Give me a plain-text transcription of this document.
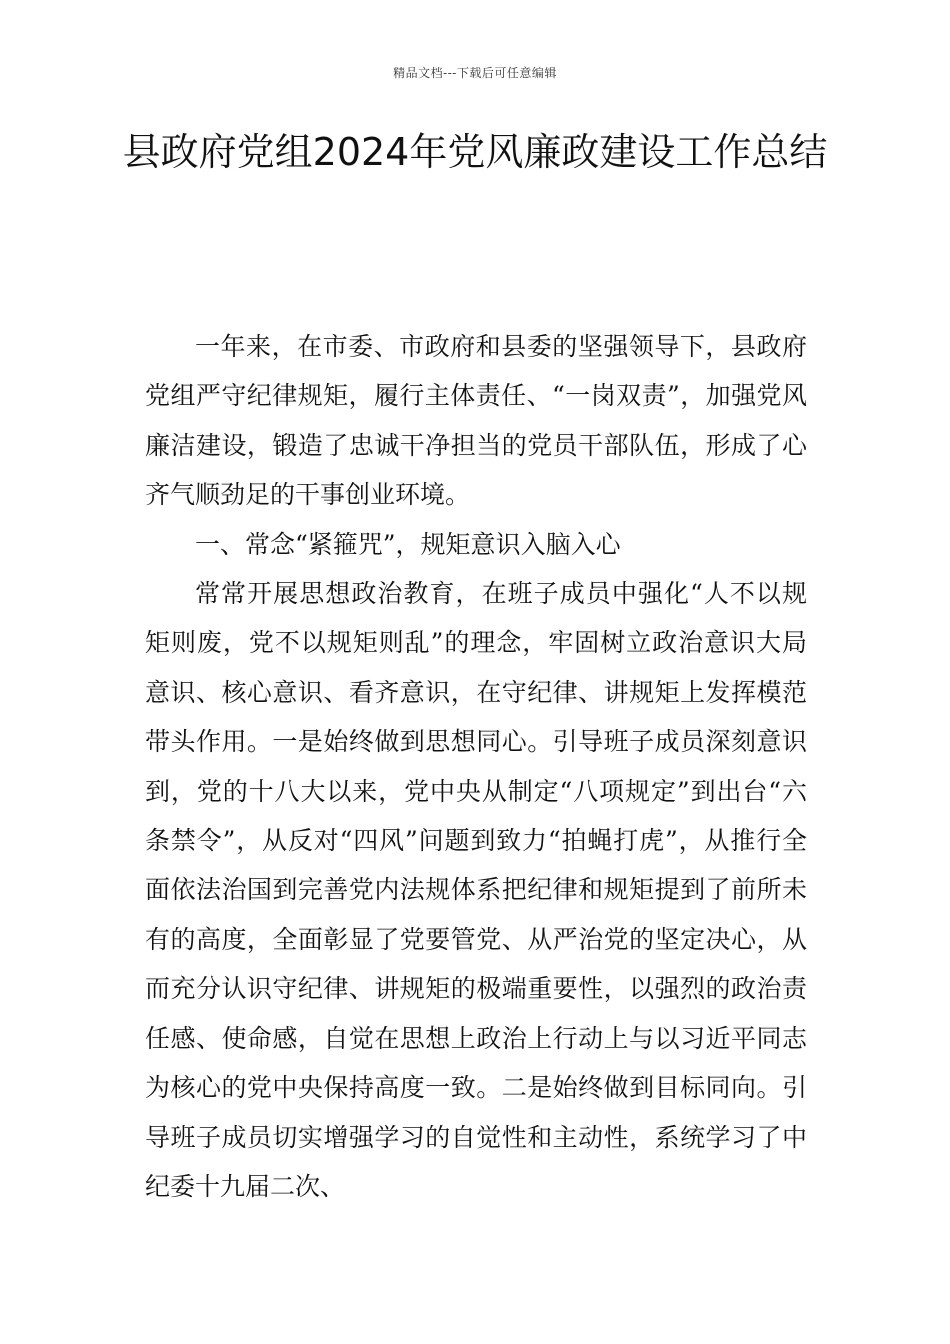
精品文档---下载后可任意编辑
县政府党组2024年党风廉政建设工作总结

一年来，在市委、市政府和县委的坚强领导下，县政府党组严守纪律规矩，履行主体责任、“一岗双责”，加强党风廉洁建设，锻造了忠诚干净担当的党员干部队伍，形成了心齐气顺劲足的干事创业环境。

一、常念“紧箍咒”，规矩意识入脑入心

常常开展思想政治教育，在班子成员中强化“人不以规矩则废，党不以规矩则乱”的理念，牢固树立政治意识大局意识、核心意识、看齐意识，在守纪律、讲规矩上发挥模范带头作用。一是始终做到思想同心。引导班子成员深刻意识到，党的十八大以来，党中央从制定“八项规定”到出台“六条禁令”，从反对“四风”问题到致力“拍蝇打虎”，从推行全面依法治国到完善党内法规体系把纪律和规矩提到了前所未有的高度，全面彰显了党要管党、从严治党的坚定决心，从而充分认识守纪律、讲规矩的极端重要性，以强烈的政治责任感、使命感，自觉在思想上政治上行动上与以习近平同志为核心的党中央保持高度一致。二是始终做到目标同向。引导班子成员切实增强学习的自觉性和主动性，系统学习了中纪委十九届二次、
